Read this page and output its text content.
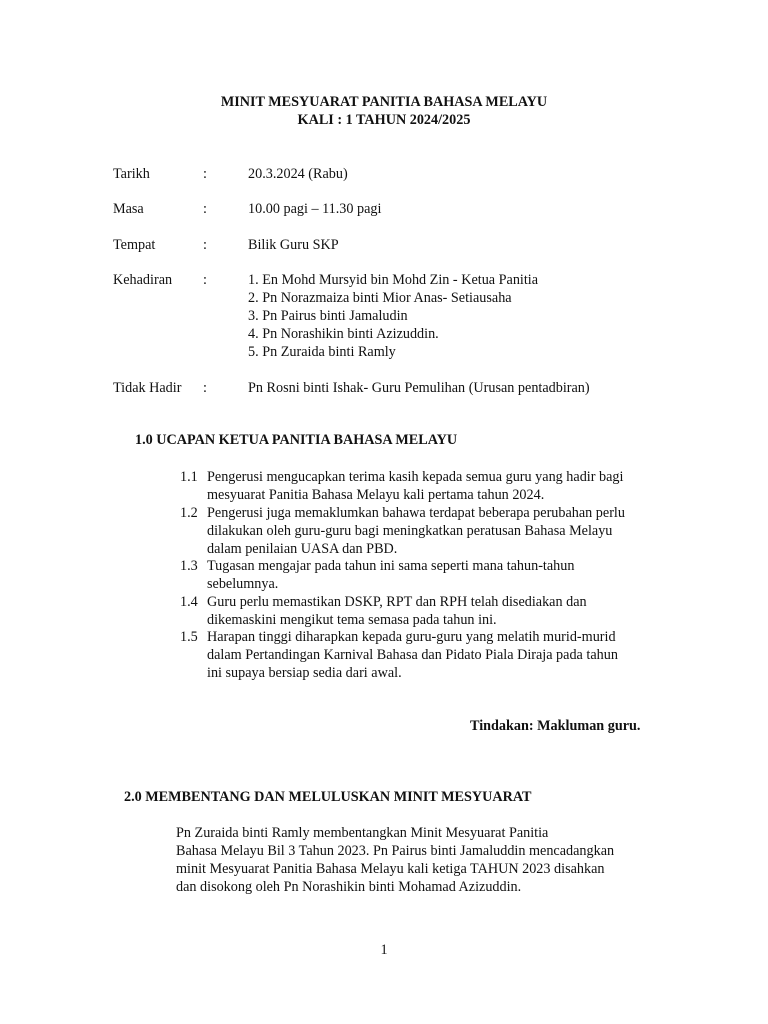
MINIT MESYUARAT PANITIA BAHASA MELAYU
KALI : 1 TAHUN 2024/2025
Tarikh	:	20.3.2024 (Rabu)
Masa	:	10.00 pagi – 11.30 pagi
Tempat	:	Bilik Guru SKP
Kehadiran :	1. En Mohd Mursyid bin Mohd Zin - Ketua Panitia
2. Pn Norazmaiza binti Mior Anas- Setiausaha
3. Pn Pairus binti Jamaludin
4. Pn Norashikin binti Azizuddin.
5. Pn Zuraida binti Ramly
Tidak Hadir :	Pn Rosni binti Ishak- Guru Pemulihan (Urusan pentadbiran)
1.0 UCAPAN KETUA PANITIA BAHASA MELAYU
1.1 Pengerusi mengucapkan terima kasih kepada semua guru yang hadir bagi
mesyuarat Panitia Bahasa Melayu kali pertama tahun 2024.
1.2 Pengerusi juga memaklumkan bahawa terdapat beberapa perubahan perlu
dilakukan oleh guru-guru bagi meningkatkan peratusan Bahasa Melayu
dalam penilaian UASA dan PBD.
1.3 Tugasan mengajar pada tahun ini sama seperti mana tahun-tahun
sebelumnya.
1.4 Guru perlu memastikan DSKP, RPT dan RPH telah disediakan dan
dikemaskini mengikut tema semasa pada tahun ini.
1.5 Harapan tinggi diharapkan kepada guru-guru yang melatih murid-murid
dalam Pertandingan Karnival Bahasa dan Pidato Piala Diraja pada tahun
ini supaya bersiap sedia dari awal.
Tindakan: Makluman guru.
2.0 MEMBENTANG DAN MELULUSKAN MINIT MESYUARAT
Pn Zuraida binti Ramly membentangkan Minit Mesyuarat Panitia
Bahasa Melayu Bil 3 Tahun 2023. Pn Pairus binti Jamaluddin mencadangkan
minit Mesyuarat Panitia Bahasa Melayu kali ketiga TAHUN 2023 disahkan
dan disokong oleh Pn Norashikin binti Mohamad Azizuddin.
1
